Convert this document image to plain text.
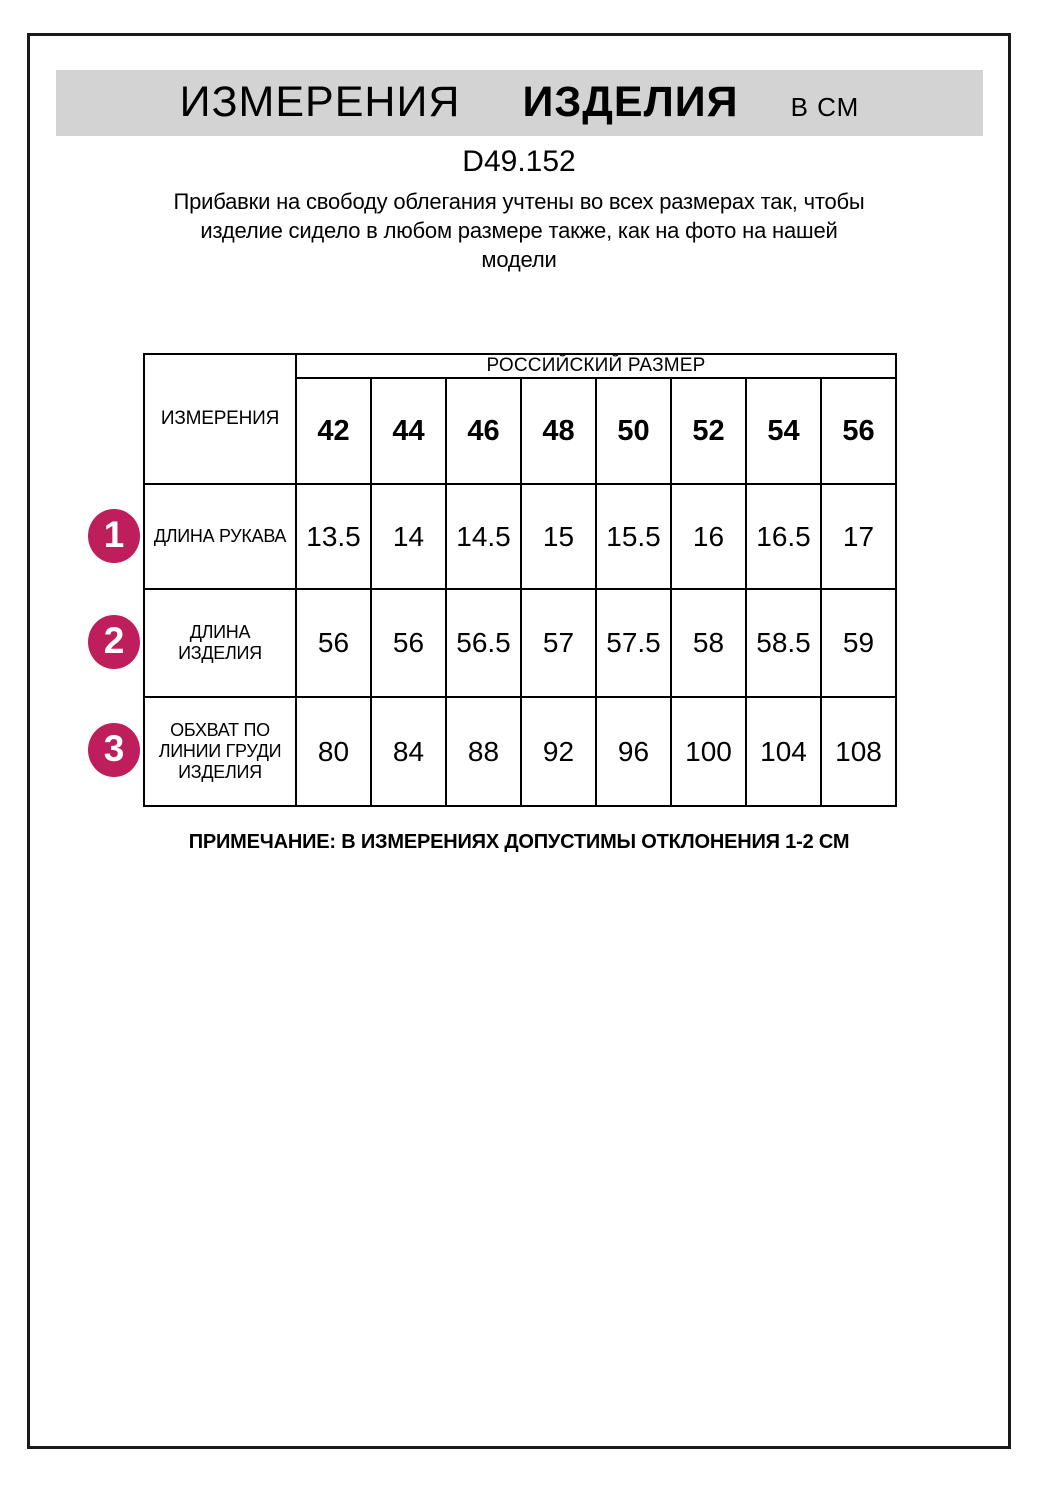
ИЗМЕРЕНИЯ ИЗДЕЛИЯ В СМ
D49.152
Прибавки на свободу облегания учтены во всех размерах так, чтобы
изделие сидело в любом размере также, как на фото на нашей
модели
ИЗМЕРЕНИЯ	РОССИЙСКИЙ РАЗМЕР							
	42	44	46	48	50	52	54	56

ДЛИНА РУКАВА	13.5	14	14.5	15	15.5	16	16.5	17

ДЛИНА
ИЗДЕЛИЯ	56	56	56.5	57	57.5	58	58.5	59

ОБХВАТ ПО
ЛИНИИ ГРУДИ
ИЗДЕЛИЯ	80	84	88	92	96	100	104	108
1
2
3
ПРИМЕЧАНИЕ: В ИЗМЕРЕНИЯХ ДОПУСТИМЫ ОТКЛОНЕНИЯ 1-2 СМ
